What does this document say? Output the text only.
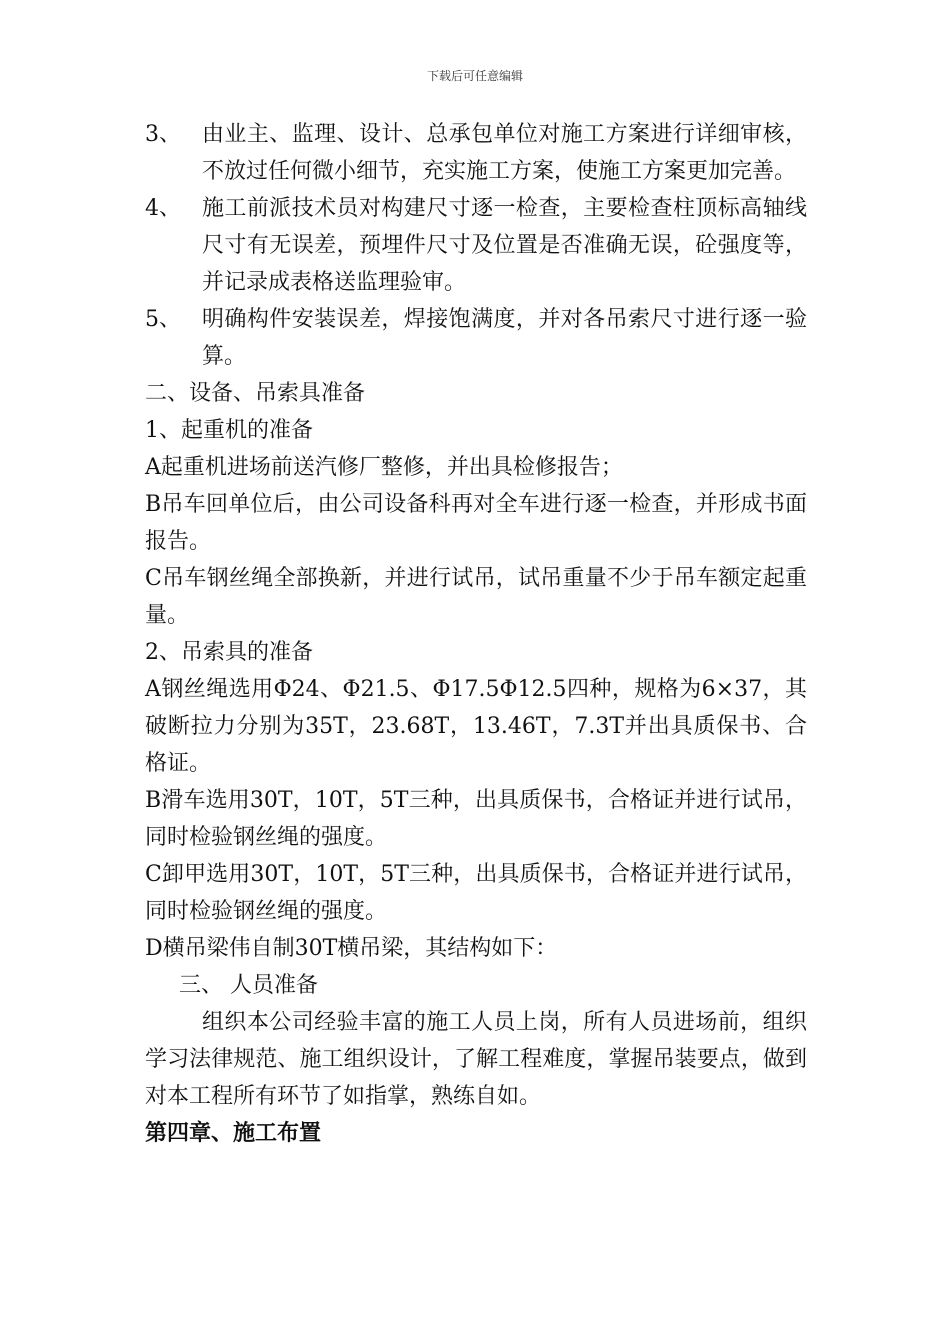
下载后可任意编辑
3、 由业主、监理、设计、总承包单位对施工方案进行详细审核，不放过任何微小细节，充实施工方案，使施工方案更加完善。
4、 施工前派技术员对构建尺寸逐一检查，主要检查柱顶标高轴线尺寸有无误差，预埋件尺寸及位置是否准确无误，砼强度等，并记录成表格送监理验审。
5、 明确构件安装误差，焊接饱满度，并对各吊索尺寸进行逐一验算。
二、设备、吊索具准备
1、起重机的准备
A起重机进场前送汽修厂整修，并出具检修报告；
B吊车回单位后，由公司设备科再对全车进行逐一检查，并形成书面报告。
C吊车钢丝绳全部换新，并进行试吊，试吊重量不少于吊车额定起重量。
2、吊索具的准备
A钢丝绳选用Φ24、Φ21.5、Φ17.5Φ12.5四种，规格为6×37，其破断拉力分别为35T，23.68T，13.46T，7.3T并出具质保书、合格证。
B滑车选用30T，10T，5T三种，出具质保书，合格证并进行试吊，同时检验钢丝绳的强度。
C卸甲选用30T，10T，5T三种，出具质保书，合格证并进行试吊，同时检验钢丝绳的强度。
D横吊梁伟自制30T横吊梁，其结构如下：
三、 人员准备
组织本公司经验丰富的施工人员上岗，所有人员进场前，组织学习法律规范、施工组织设计，了解工程难度，掌握吊装要点，做到对本工程所有环节了如指掌，熟练自如。
第四章、施工布置
